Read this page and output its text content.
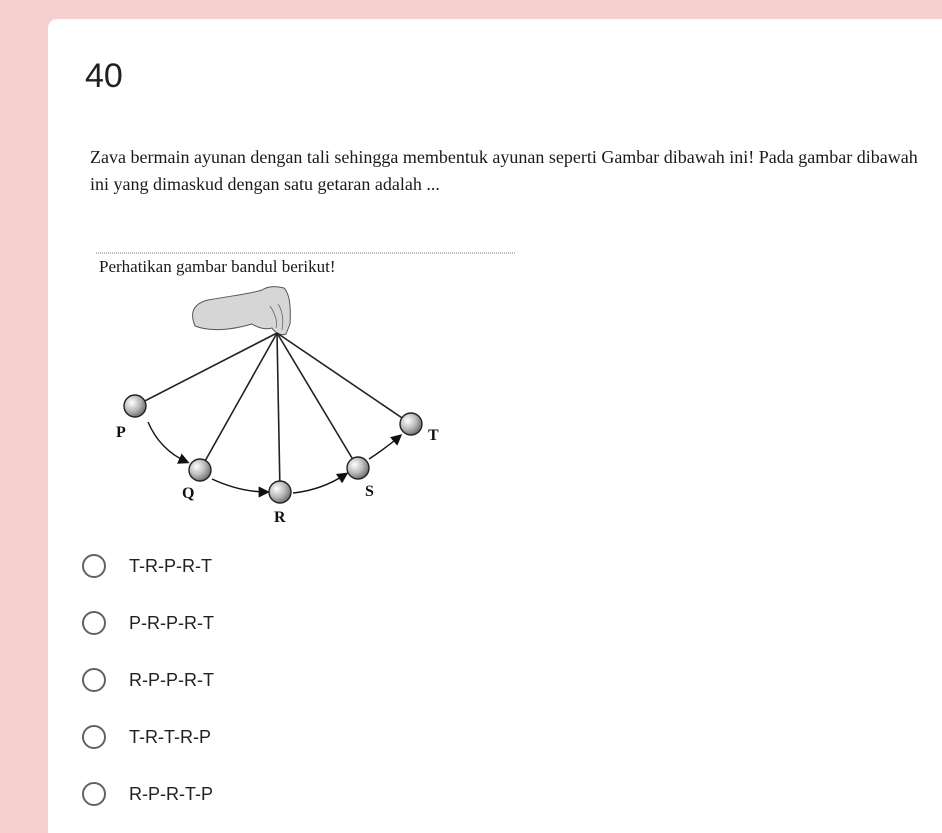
40

Zava bermain ayunan dengan tali sehingga membentuk ayunan seperti Gambar dibawah ini! Pada gambar dibawah ini yang dimaskud dengan satu getaran adalah ...

Perhatikan gambar bandul berikut!
P
Q
R
S
T
T-R-P-R-T
P-R-P-R-T
R-P-P-R-T
T-R-T-R-P
R-P-R-T-P
